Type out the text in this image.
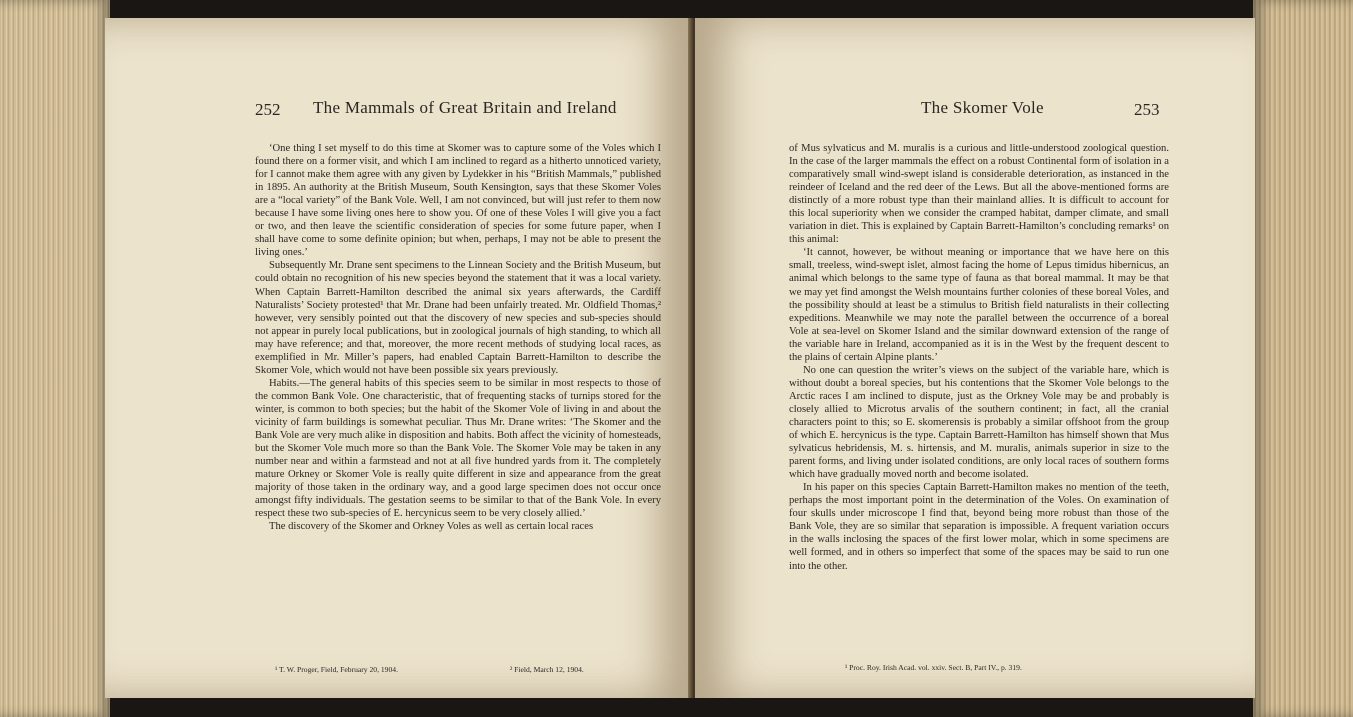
252 The Mammals of Great Britain and Ireland

‘One thing I set myself to do this time at Skomer was to capture some of the Voles which I found there on a former visit, and which I am inclined to regard as a hitherto unnoticed variety, for I cannot make them agree with any given by Lydekker in his “British Mammals,” published in 1895. An authority at the British Museum, South Kensington, says that these Skomer Voles are a “local variety” of the Bank Vole. Well, I am not convinced, but will just refer to them now because I have some living ones here to show you. Of one of these Voles I will give you a fact or two, and then leave the scientific consideration of species for some future paper, when I shall have come to some definite opinion; but when, perhaps, I may not be able to present the living ones.’

Subsequently Mr. Drane sent specimens to the Linnean Society and the British Museum, but could obtain no recognition of his new species beyond the statement that it was a local variety. When Captain Barrett-Hamilton described the animal six years afterwards, the Cardiff Naturalists’ Society protested¹ that Mr. Drane had been unfairly treated. Mr. Oldfield Thomas,² however, very sensibly pointed out that the discovery of new species and sub-species should not appear in purely local publications, but in zoological journals of high standing, to which all may have reference; and that, moreover, the more recent methods of studying local races, as exemplified in Mr. Miller’s papers, had enabled Captain Barrett-Hamilton to describe the Skomer Vole, which would not have been possible six years previously.

Habits.—The general habits of this species seem to be similar in most respects to those of the common Bank Vole. One characteristic, that of frequenting stacks of turnips stored for the winter, is common to both species; but the habit of the Skomer Vole of living in and about the vicinity of farm buildings is somewhat peculiar. Thus Mr. Drane writes: ‘The Skomer and the Bank Vole are very much alike in disposition and habits. Both affect the vicinity of homesteads, but the Skomer Vole much more so than the Bank Vole. The Skomer Vole may be taken in any number near and within a farmstead and not at all five hundred yards from it. The completely mature Orkney or Skomer Vole is really quite different in size and appearance from the great majority of those taken in the ordinary way, and a good large specimen does not occur once amongst fifty individuals. The gestation seems to be similar to that of the Bank Vole. In every respect these two sub-species of E. hercynicus seem to be very closely allied.’

The discovery of the Skomer and Orkney Voles as well as certain local races

¹ T. W. Proger, Field, February 20, 1904.	² Field, March 12, 1904.
The Skomer Vole	253

of Mus sylvaticus and M. muralis is a curious and little-understood zoological question. In the case of the larger mammals the effect on a robust Continental form of isolation in a comparatively small wind-swept island is considerable deterioration, as instanced in the reindeer of Iceland and the red deer of the Lews. But all the above-mentioned forms are distinctly of a more robust type than their mainland allies. It is difficult to account for this local superiority when we consider the cramped habitat, damper climate, and small variation in diet. This is explained by Captain Barrett-Hamilton’s concluding remarks¹ on this animal:

‘It cannot, however, be without meaning or importance that we have here on this small, treeless, wind-swept islet, almost facing the home of Lepus timidus hibernicus, an animal which belongs to the same type of fauna as that boreal mammal. It may be that we may yet find amongst the Welsh mountains further colonies of these boreal Voles, and the possibility should at least be a stimulus to British field naturalists in their collecting expeditions. Meanwhile we may note the parallel between the occurrence of a boreal Vole at sea-level on Skomer Island and the similar downward extension of the range of the variable hare in Ireland, accompanied as it is in the West by the frequent descent to the plains of certain Alpine plants.’

No one can question the writer’s views on the subject of the variable hare, which is without doubt a boreal species, but his contentions that the Skomer Vole belongs to the Arctic races I am inclined to dispute, just as the Orkney Vole may be and probably is closely allied to Microtus arvalis of the southern continent; in fact, all the cranial characters point to this; so E. skomerensis is probably a similar offshoot from the group of which E. hercynicus is the type. Captain Barrett-Hamilton has himself shown that Mus sylvaticus hebridensis, M. s. hirtensis, and M. muralis, animals superior in size to the parent forms, and living under isolated conditions, are only local races of southern forms which have gradually moved north and become isolated.

In his paper on this species Captain Barrett-Hamilton makes no mention of the teeth, perhaps the most important point in the determination of the Voles. On examination of four skulls under microscope I find that, beyond being more robust than those of the Bank Vole, they are so similar that separation is impossible. A frequent variation occurs in the walls inclosing the spaces of the first lower molar, which in some specimens are well formed, and in others so imperfect that some of the spaces may be said to run one into the other.

¹ Proc. Roy. Irish Acad. vol. xxiv. Sect. B, Part IV., p. 319.
